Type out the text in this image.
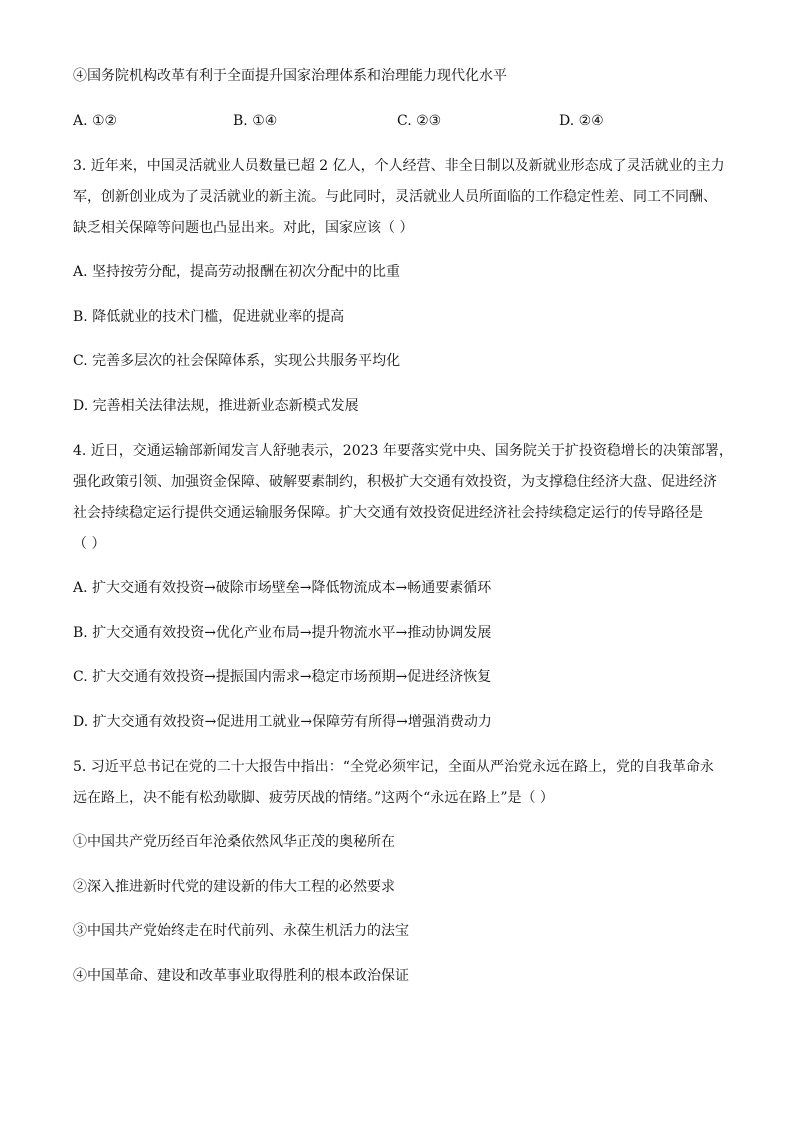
④国务院机构改革有利于全面提升国家治理体系和治理能力现代化水平
A. ①②	B. ①④	C. ②③	D. ②④
3. 近年来，中国灵活就业人员数量已超 2 亿人，个人经营、非全日制以及新就业形态成了灵活就业的主力
军，创新创业成为了灵活就业的新主流。与此同时，灵活就业人员所面临的工作稳定性差、同工不同酬、
缺乏相关保障等问题也凸显出来。对此，国家应该（ ）
A. 坚持按劳分配，提高劳动报酬在初次分配中的比重
B. 降低就业的技术门槛，促进就业率的提高
C. 完善多层次的社会保障体系，实现公共服务平均化
D. 完善相关法律法规，推进新业态新模式发展
4. 近日，交通运输部新闻发言人舒驰表示，2023 年要落实党中央、国务院关于扩投资稳增长的决策部署，
强化政策引领、加强资金保障、破解要素制约，积极扩大交通有效投资，为支撑稳住经济大盘、促进经济
社会持续稳定运行提供交通运输服务保障。扩大交通有效投资促进经济社会持续稳定运行的传导路径是
（ ）
A. 扩大交通有效投资→破除市场壁垒→降低物流成本→畅通要素循环
B. 扩大交通有效投资→优化产业布局→提升物流水平→推动协调发展
C. 扩大交通有效投资→提振国内需求→稳定市场预期→促进经济恢复
D. 扩大交通有效投资→促进用工就业→保障劳有所得→增强消费动力
5. 习近平总书记在党的二十大报告中指出：“全党必须牢记，全面从严治党永远在路上，党的自我革命永
远在路上，决不能有松劲歇脚、疲劳厌战的情绪。”这两个“永远在路上”是（ ）
①中国共产党历经百年沧桑依然风华正茂的奥秘所在
②深入推进新时代党的建设新的伟大工程的必然要求
③中国共产党始终走在时代前列、永葆生机活力的法宝
④中国革命、建设和改革事业取得胜利的根本政治保证
